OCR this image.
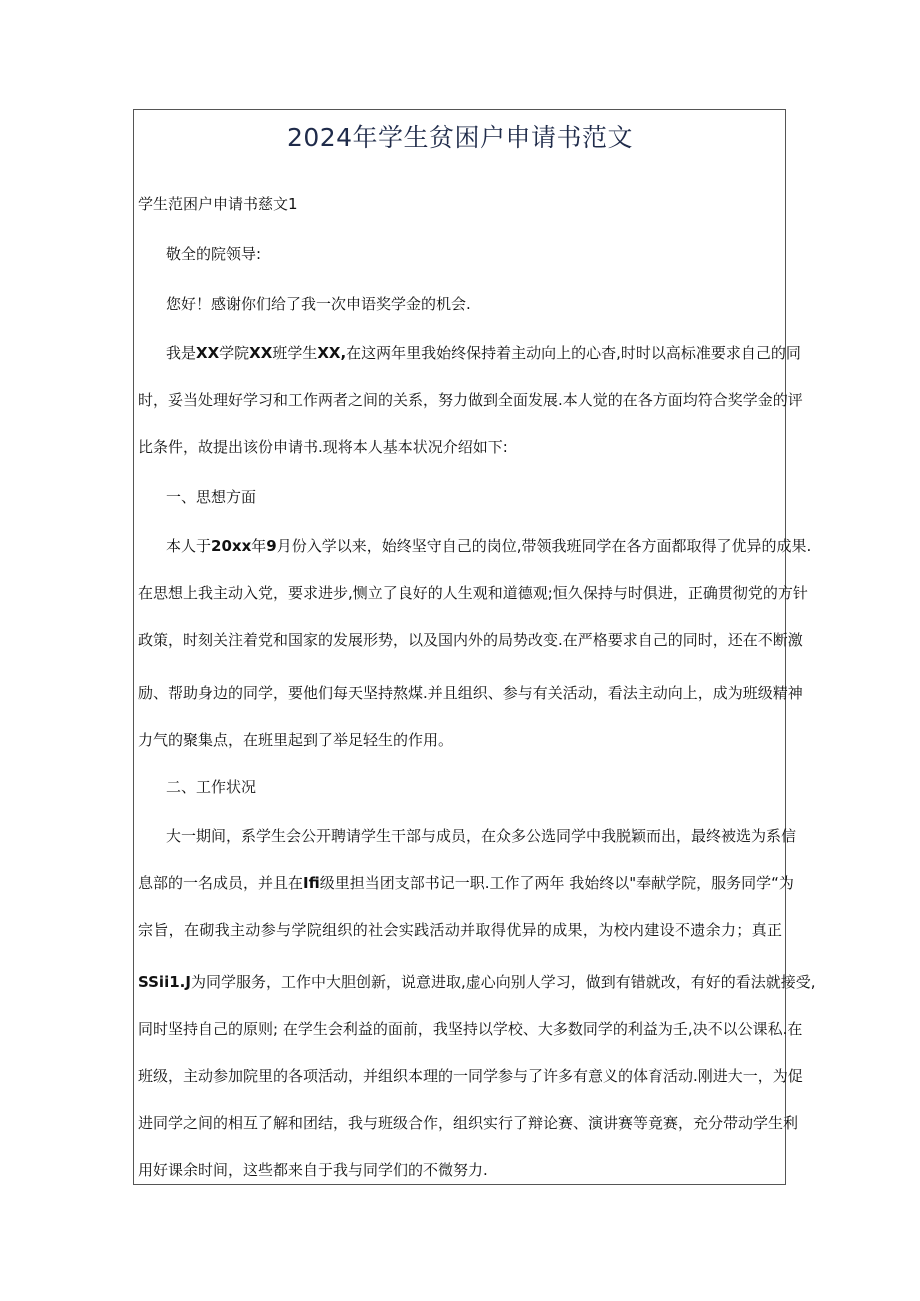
2024年学生贫困户申请书范文

学生范困户申请书慈文1

敬全的院领导:

您好！感谢你们给了我一次申语奖学金的机会.

我是XX学院XX班学生XX,在这两年里我始终保持着主动向上的心杳,时时以高标准要求自己的同

时，妥当处理好学习和工作两者之间的关系，努力做到全面发展.本人觉的在各方面均符合奖学金的评

比条件，故提出该份申请书.现将本人基本状况介绍如下:

一、思想方面

本人于20xx年9月份入学以来，始终坚守自己的岗位,带领我班同学在各方面都取得了优异的成果.

在思想上我主动入党，要求进步,恻立了良好的人生观和道德观;恒久保持与时俱进，正确贯彻党的方针

政策，时刻关注着党和国家的发展形势，以及国内外的局势改变.在严格要求自己的同时，还在不断激

励、帮助身边的同学，要他们每天坚持熬煤.并且组织、参与有关活动，看法主动向上，成为班级精神

力气的聚集点，在班里起到了举足轻生的作用。

二、工作状况

大一期间，系学生会公开聘请学生干部与成员，在众多公选同学中我脱颖而出，最终被选为系信

息部的一名成员，并且在Ifi级里担当团支部书记一职.工作了两年 我始终以"奉献学院，服务同学“为

宗旨，在砌我主动参与学院组织的社会实践活动并取得优异的成果，为校内建设不遗余力；真正

SSii1.J为同学服务，工作中大胆创新，说意进取,虚心向别人学习，做到有错就改，有好的看法就接受,

同时坚持自己的原则; 在学生会利益的面前，我坚持以学校、大多数同学的利益为壬,决不以公课私.在

班级，主动参加院里的各项活动，并组织本理的一同学参与了许多有意义的体育活动.刚进大一，为促

进同学之间的相互了解和团结，我与班级合作，组织实行了辩论赛、演讲赛等竟赛，充分带动学生利

用好课余时间，这些都来自于我与同学们的不微努力.
